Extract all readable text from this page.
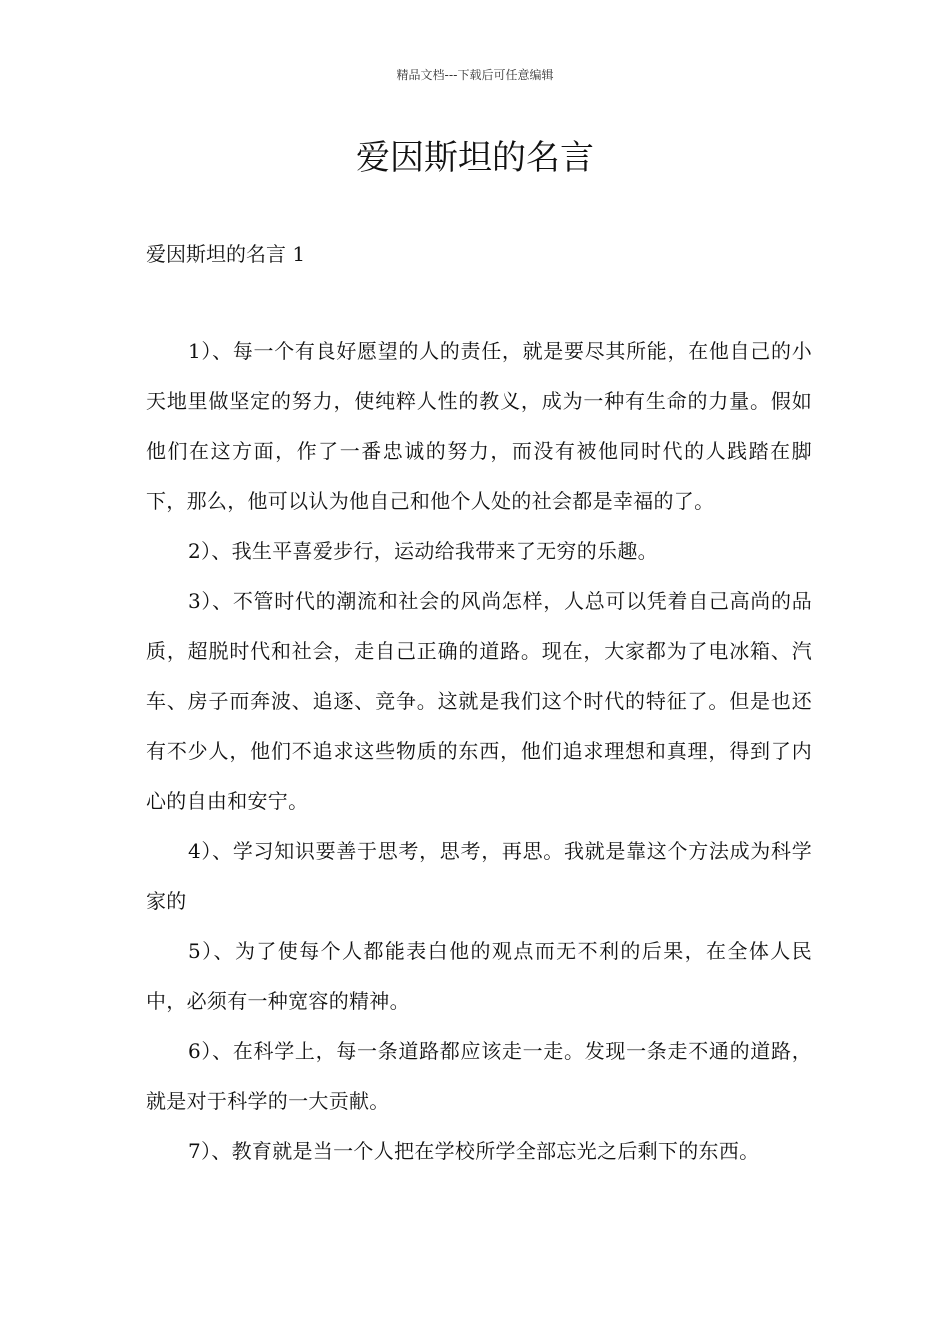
精品文档---下载后可任意编辑
爱因斯坦的名言
爱因斯坦的名言 1

1）、每一个有良好愿望的人的责任，就是要尽其所能，在他自己的小天地里做坚定的努力，使纯粹人性的教义，成为一种有生命的力量。假如他们在这方面，作了一番忠诚的努力，而没有被他同时代的人践踏在脚下，那么，他可以认为他自己和他个人处的社会都是幸福的了。

2）、我生平喜爱步行，运动给我带来了无穷的乐趣。

3）、不管时代的潮流和社会的风尚怎样，人总可以凭着自己高尚的品质，超脱时代和社会，走自己正确的道路。现在，大家都为了电冰箱、汽车、房子而奔波、追逐、竞争。这就是我们这个时代的特征了。但是也还有不少人，他们不追求这些物质的东西，他们追求理想和真理，得到了内心的自由和安宁。

4）、学习知识要善于思考，思考，再思。我就是靠这个方法成为科学家的

5）、为了使每个人都能表白他的观点而无不利的后果，在全体人民中，必须有一种宽容的精神。

6）、在科学上，每一条道路都应该走一走。发现一条走不通的道路，就是对于科学的一大贡献。

7）、教育就是当一个人把在学校所学全部忘光之后剩下的东西。
